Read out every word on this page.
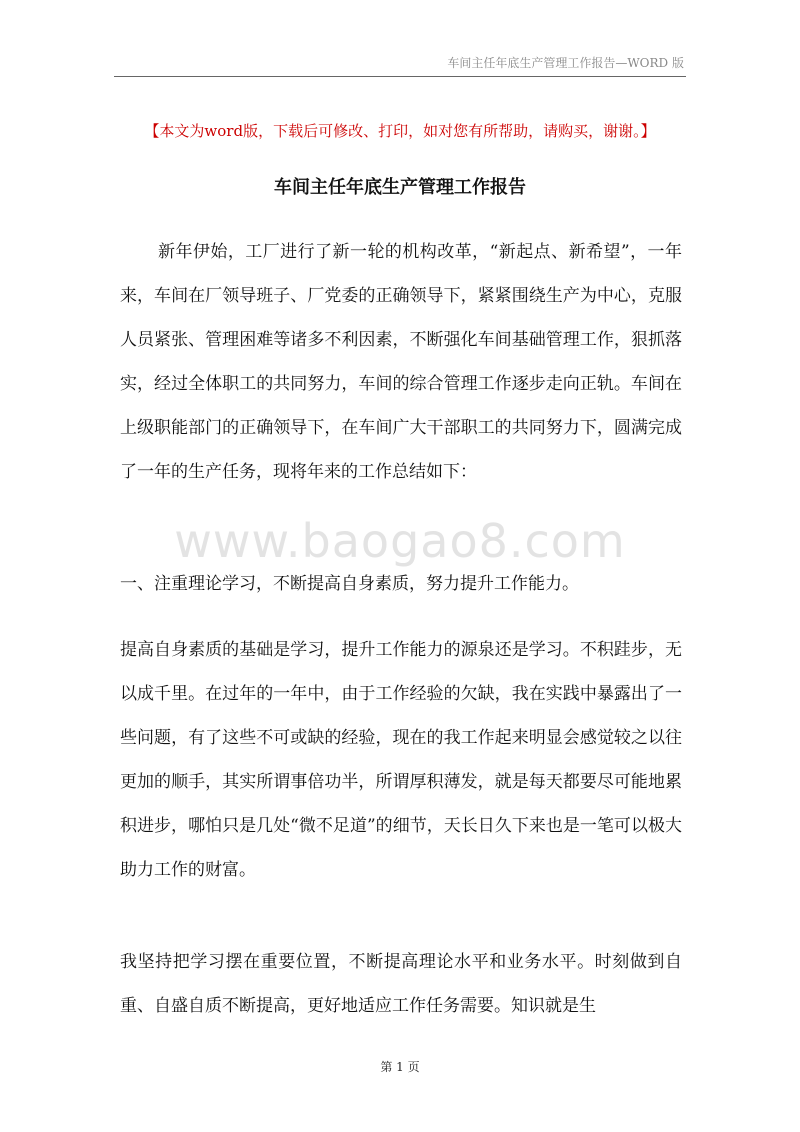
车间主任年底生产管理工作报告—WORD 版
【本文为word版，下载后可修改、打印，如对您有所帮助，请购买，谢谢。】
车间主任年底生产管理工作报告

新年伊始，工厂进行了新一轮的机构改革，“新起点、新希望”，一年来，车间在厂领导班子、厂党委的正确领导下，紧紧围绕生产为中心，克服人员紧张、管理困难等诸多不利因素，不断强化车间基础管理工作，狠抓落实，经过全体职工的共同努力，车间的综合管理工作逐步走向正轨。车间在上级职能部门的正确领导下，在车间广大干部职工的共同努力下，圆满完成了一年的生产任务，现将年来的工作总结如下：

www.baogao8.com

一、注重理论学习，不断提高自身素质，努力提升工作能力。

提高自身素质的基础是学习，提升工作能力的源泉还是学习。不积跬步，无以成千里。在过年的一年中，由于工作经验的欠缺，我在实践中暴露出了一些问题，有了这些不可或缺的经验，现在的我工作起来明显会感觉较之以往更加的顺手，其实所谓事倍功半，所谓厚积薄发，就是每天都要尽可能地累积进步，哪怕只是几处“微不足道”的细节，天长日久下来也是一笔可以极大助力工作的财富。

我坚持把学习摆在重要位置，不断提高理论水平和业务水平。时刻做到自重、自盛自质不断提高，更好地适应工作任务需要。知识就是生

第 1 页
